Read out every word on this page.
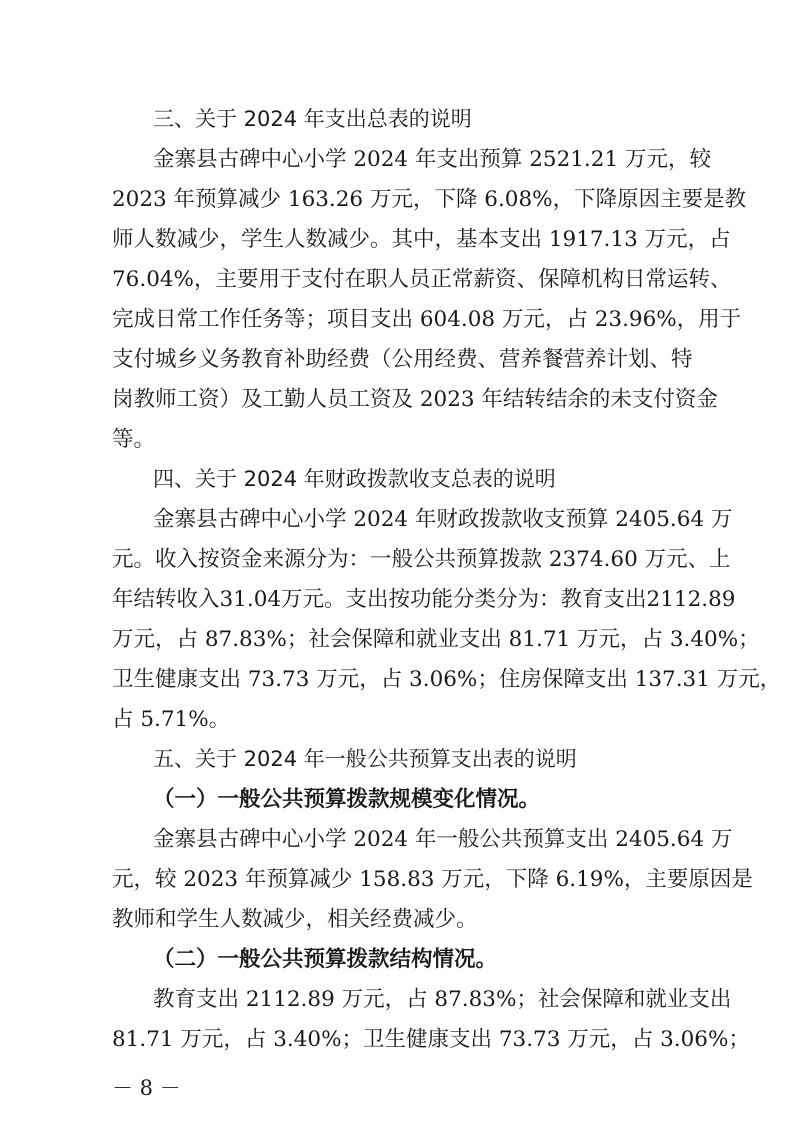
三、关于 2024 年支出总表的说明
金寨县古碑中心小学 2024 年支出预算 2521.21 万元，较
2023 年预算减少 163.26 万元，下降 6.08%，下降原因主要是教
师人数减少，学生人数减少。其中，基本支出 1917.13 万元，占
76.04%，主要用于支付在职人员正常薪资、保障机构日常运转、
完成日常工作任务等；项目支出 604.08 万元，占 23.96%，用于
支付城乡义务教育补助经费（公用经费、营养餐营养计划、特
岗教师工资）及工勤人员工资及 2023 年结转结余的未支付资金
等。
四、关于 2024 年财政拨款收支总表的说明
金寨县古碑中心小学 2024 年财政拨款收支预算 2405.64 万
元。收入按资金来源分为：一般公共预算拨款 2374.60 万元、上
年结转收入31.04万元。支出按功能分类分为：教育支出2112.89
万元，占 87.83%；社会保障和就业支出 81.71 万元，占 3.40%；
卫生健康支出 73.73 万元，占 3.06%；住房保障支出 137.31 万元，
占 5.71%。
五、关于 2024 年一般公共预算支出表的说明
（一）一般公共预算拨款规模变化情况。
金寨县古碑中心小学 2024 年一般公共预算支出 2405.64 万
元，较 2023 年预算减少 158.83 万元，下降 6.19%，主要原因是
教师和学生人数减少，相关经费减少。
（二）一般公共预算拨款结构情况。
教育支出 2112.89 万元，占 87.83%；社会保障和就业支出
81.71 万元，占 3.40%；卫生健康支出 73.73 万元，占 3.06%；
－ 8 －
